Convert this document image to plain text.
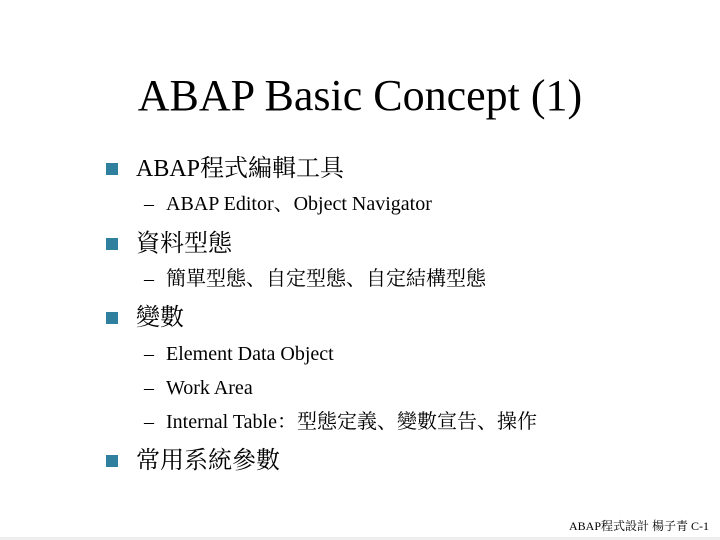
ABAP Basic Concept (1)
ABAP程式編輯工具
– ABAP Editor、Object Navigator
資料型態
– 簡單型態、自定型態、自定結構型態
變數
– Element Data Object
– Work Area
– Internal Table：型態定義、變數宣告、操作
常用系統參數
ABAP程式設計 楊子青 C-1
